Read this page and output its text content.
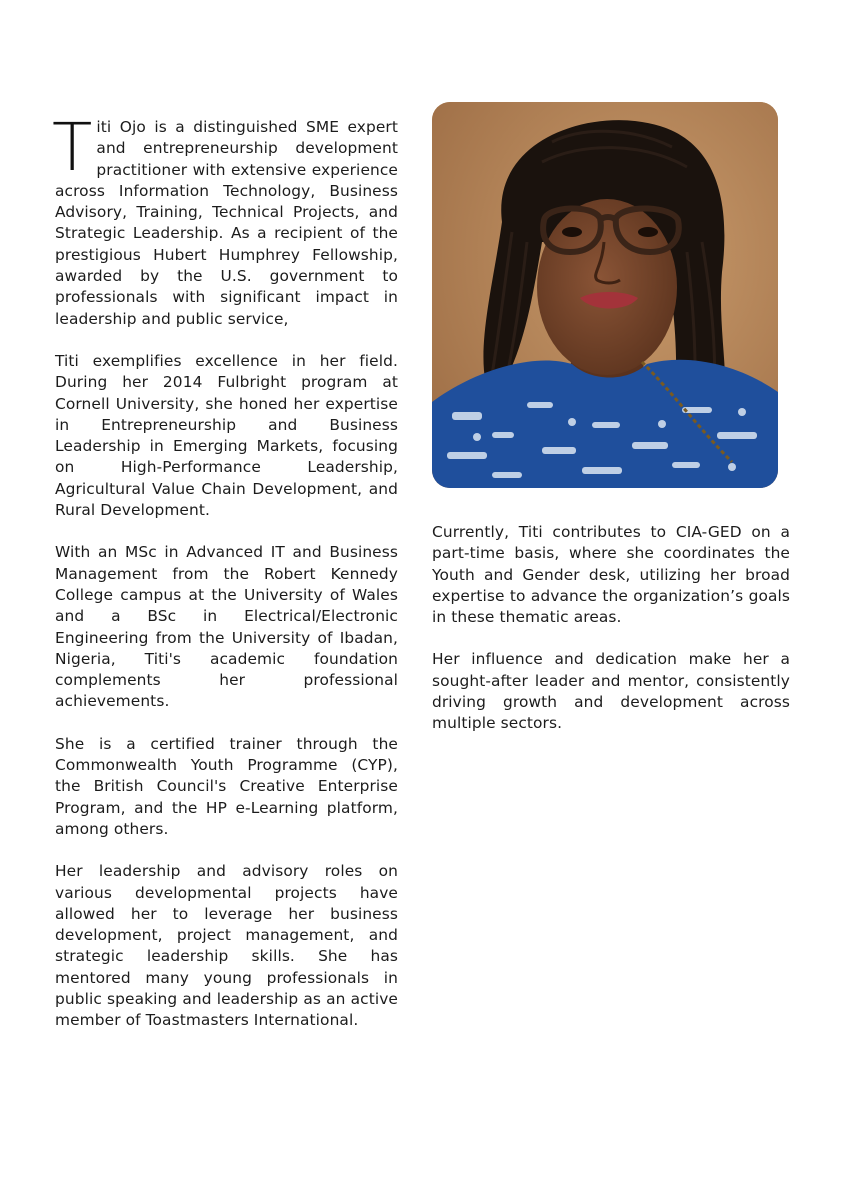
Titi Ojo is a distinguished SME expert and entrepreneurship development practitioner with extensive experience across Information Technology, Business Advisory, Training, Technical Projects, and Strategic Leadership. As a recipient of the prestigious Hubert Humphrey Fellowship, awarded by the U.S. government to professionals with significant impact in leadership and public service,

Titi exemplifies excellence in her field. During her 2014 Fulbright program at Cornell University, she honed her expertise in Entrepreneurship and Business Leadership in Emerging Markets, focusing on High-Performance Leadership, Agricultural Value Chain Development, and Rural Development.

With an MSc in Advanced IT and Business Management from the Robert Kennedy College campus at the University of Wales and a BSc in Electrical/Electronic Engineering from the University of Ibadan, Nigeria, Titi's academic foundation complements her professional achievements.

She is a certified trainer through the Commonwealth Youth Programme (CYP), the British Council's Creative Enterprise Program, and the HP e-Learning platform, among others.

Her leadership and advisory roles on various developmental projects have allowed her to leverage her business development, project management, and strategic leadership skills. She has mentored many young professionals in public speaking and leadership as an active member of Toastmasters International.

Currently, Titi contributes to CIA-GED on a part-time basis, where she coordinates the Youth and Gender desk, utilizing her broad expertise to advance the organization’s goals in these thematic areas.

Her influence and dedication make her a sought-after leader and mentor, consistently driving growth and development across multiple sectors.
